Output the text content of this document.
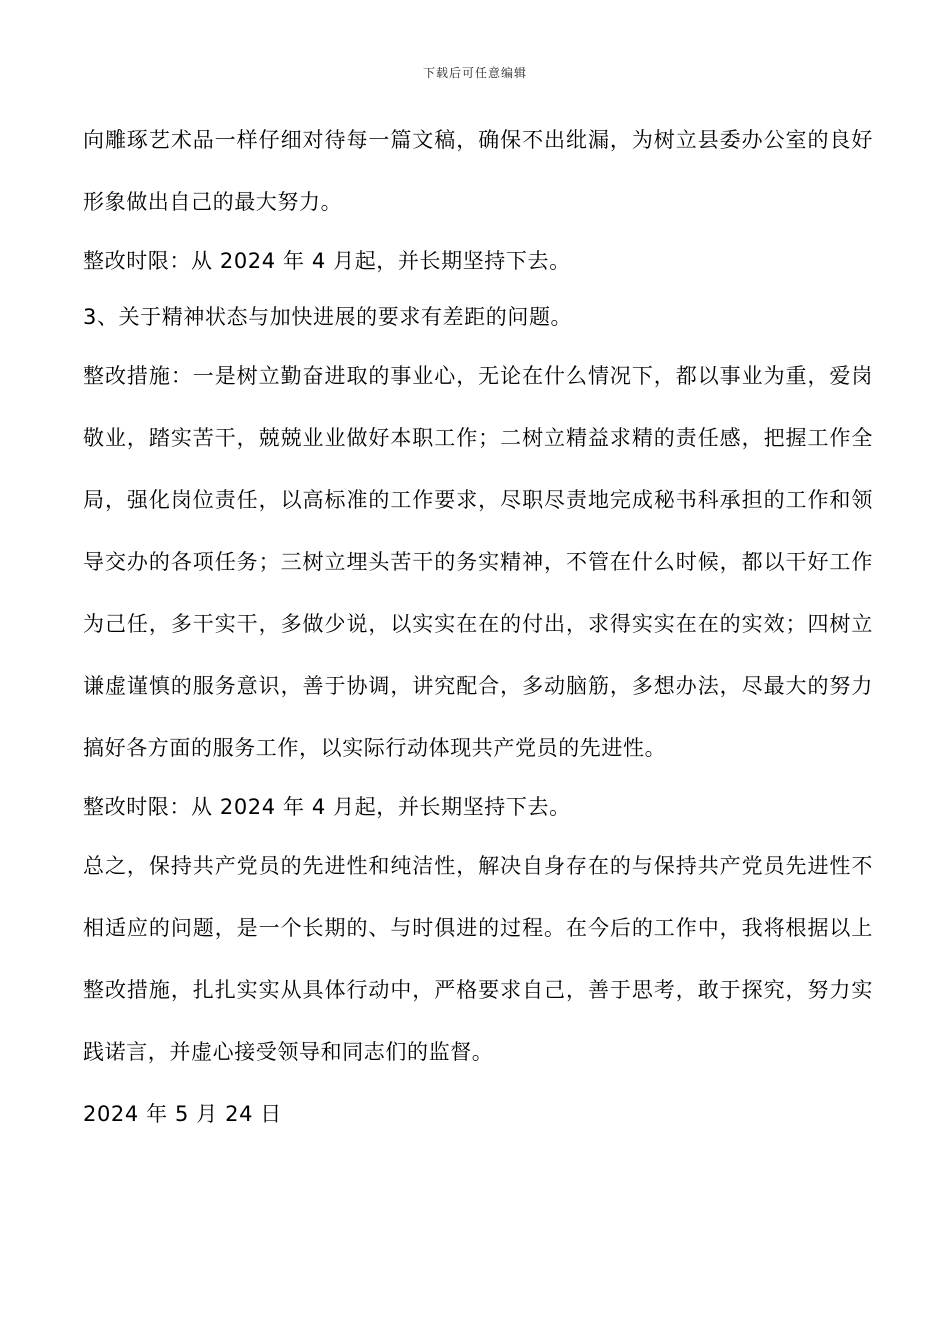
下载后可任意编辑

向雕琢艺术品一样仔细对待每一篇文稿，确保不出纰漏，为树立县委办公室的良好形象做出自己的最大努力。

整改时限：从 2024 年 4 月起，并长期坚持下去。

3、关于精神状态与加快进展的要求有差距的问题。

整改措施：一是树立勤奋进取的事业心，无论在什么情况下，都以事业为重，爱岗敬业，踏实苦干，兢兢业业做好本职工作；二树立精益求精的责任感，把握工作全局，强化岗位责任，以高标准的工作要求，尽职尽责地完成秘书科承担的工作和领导交办的各项任务；三树立埋头苦干的务实精神，不管在什么时候，都以干好工作为己任，多干实干，多做少说，以实实在在的付出，求得实实在在的实效；四树立谦虚谨慎的服务意识，善于协调，讲究配合，多动脑筋，多想办法，尽最大的努力搞好各方面的服务工作，以实际行动体现共产党员的先进性。

整改时限：从 2024 年 4 月起，并长期坚持下去。

总之，保持共产党员的先进性和纯洁性，解决自身存在的与保持共产党员先进性不相适应的问题，是一个长期的、与时俱进的过程。在今后的工作中，我将根据以上整改措施，扎扎实实从具体行动中，严格要求自己，善于思考，敢于探究，努力实践诺言，并虚心接受领导和同志们的监督。

2024 年 5 月 24 日
